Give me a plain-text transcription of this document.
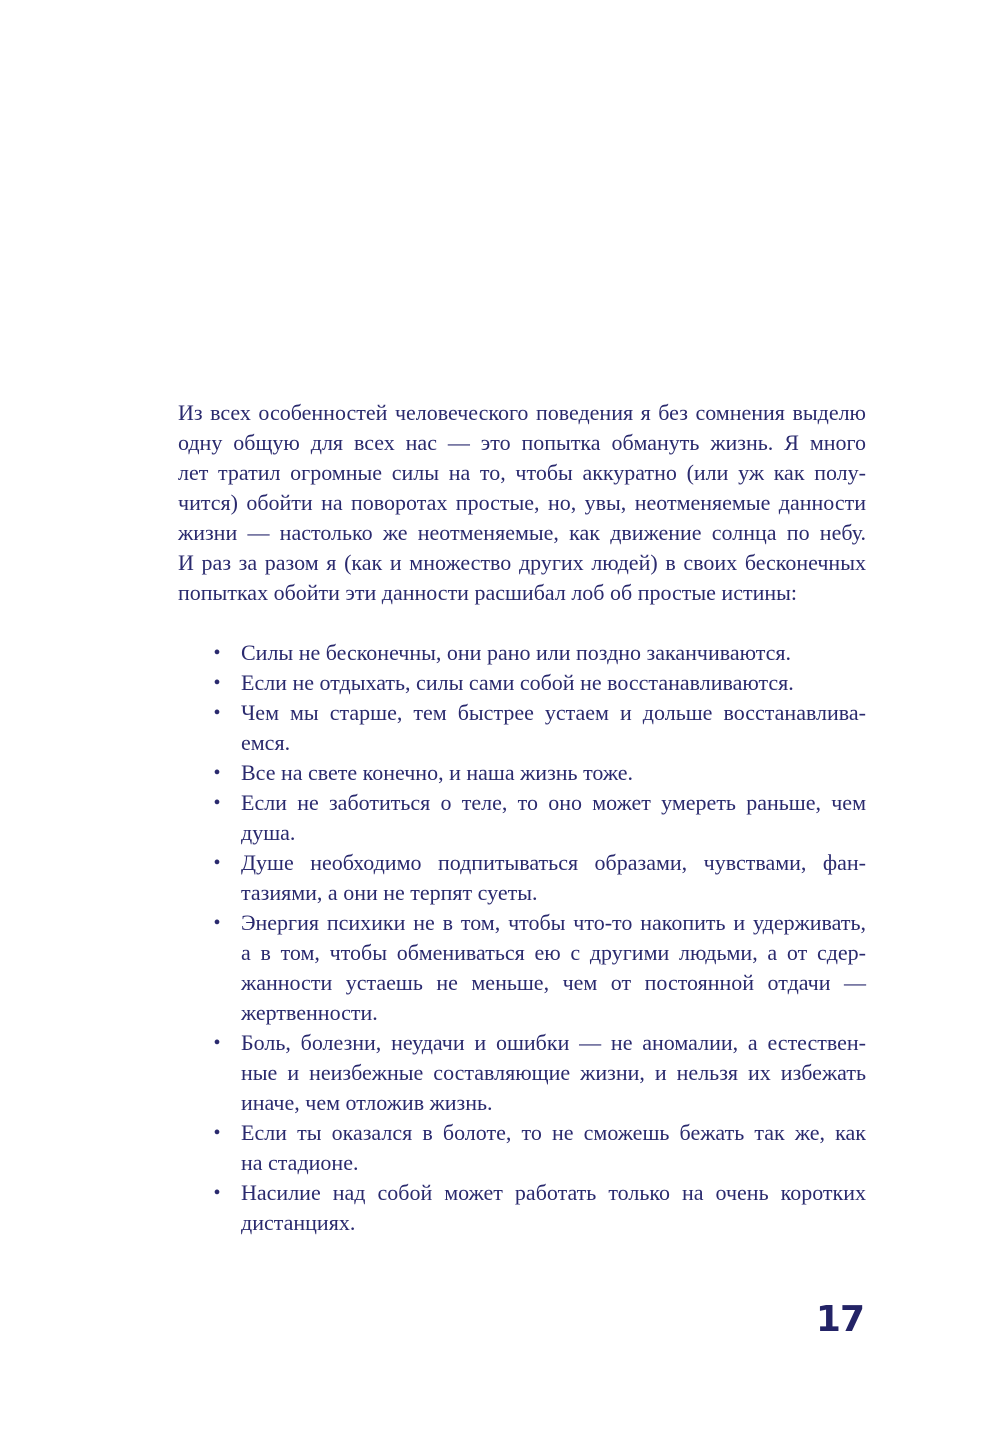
Из всех особенностей человеческого поведения я без сомнения выделю
одну общую для всех нас — это попытка обмануть жизнь. Я много
лет тратил огромные силы на то, чтобы аккуратно (или уж как полу-
чится) обойти на поворотах простые, но, увы, неотменяемые данности
жизни — настолько же неотменяемые, как движение солнца по небу.
И раз за разом я (как и множество других людей) в своих бесконечных
попытках обойти эти данности расшибал лоб об простые истины:
• Силы не бесконечны, они рано или поздно заканчиваются.
• Если не отдыхать, силы сами собой не восстанавливаются.
• Чем мы старше, тем быстрее устаем и дольше восстанавлива-
емся.
• Все на свете конечно, и наша жизнь тоже.
• Если не заботиться о теле, то оно может умереть раньше, чем
душа.
• Душе необходимо подпитываться образами, чувствами, фан-
тазиями, а они не терпят суеты.
• Энергия психики не в том, чтобы что-то накопить и удерживать,
а в том, чтобы обмениваться ею с другими людьми, а от сдер-
жанности устаешь не меньше, чем от постоянной отдачи —
жертвенности.
• Боль, болезни, неудачи и ошибки — не аномалии, а естествен-
ные и неизбежные составляющие жизни, и нельзя их избежать
иначе, чем отложив жизнь.
• Если ты оказался в болоте, то не сможешь бежать так же, как
на стадионе.
• Насилие над собой может работать только на очень коротких
дистанциях.
17
